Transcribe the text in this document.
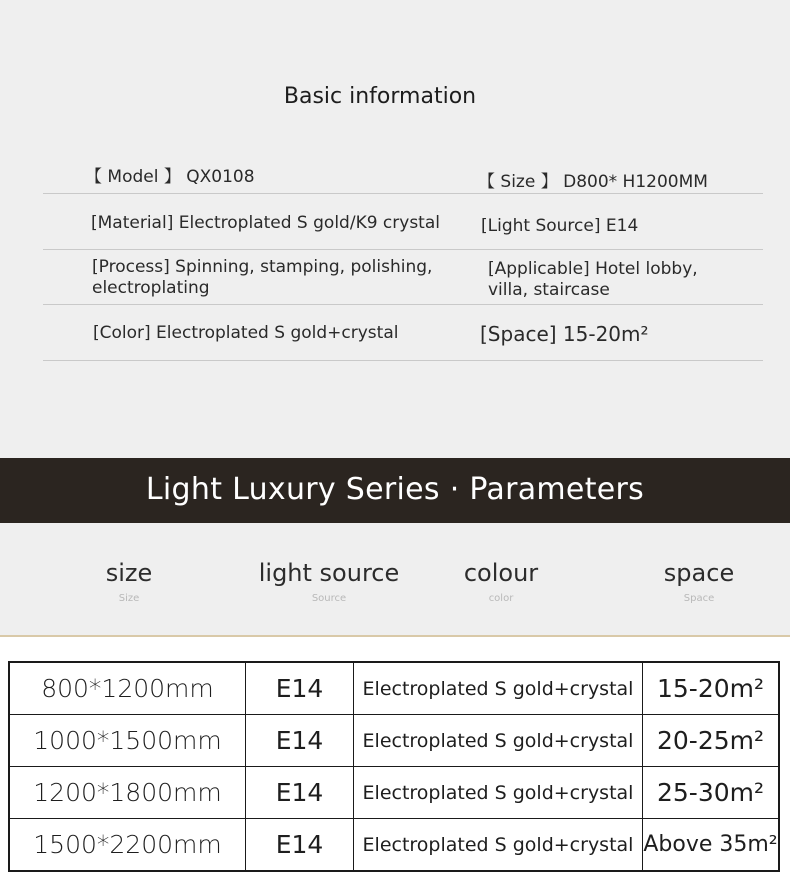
Basic information
【 Model 】 QX0108	【 Size 】 D800* H1200MM
[Material] Electroplated S gold/K9 crystal [Light Source] E14
[Process] Spinning, stamping, polishing, electroplating
[Applicable] Hotel lobby, villa, staircase
[Color] Electroplated S gold+crystal	[Space] 15-20m²
Light Luxury Series · Parameters
size
Size
light source
Source
colour
color
space
Space
800*1200mm	E14	Electroplated S gold+crystal	15-20m²
1000*1500mm	E14	Electroplated S gold+crystal	20-25m²
1200*1800mm	E14	Electroplated S gold+crystal	25-30m²
1500*2200mm	E14	Electroplated S gold+crystal	Above 35m²
